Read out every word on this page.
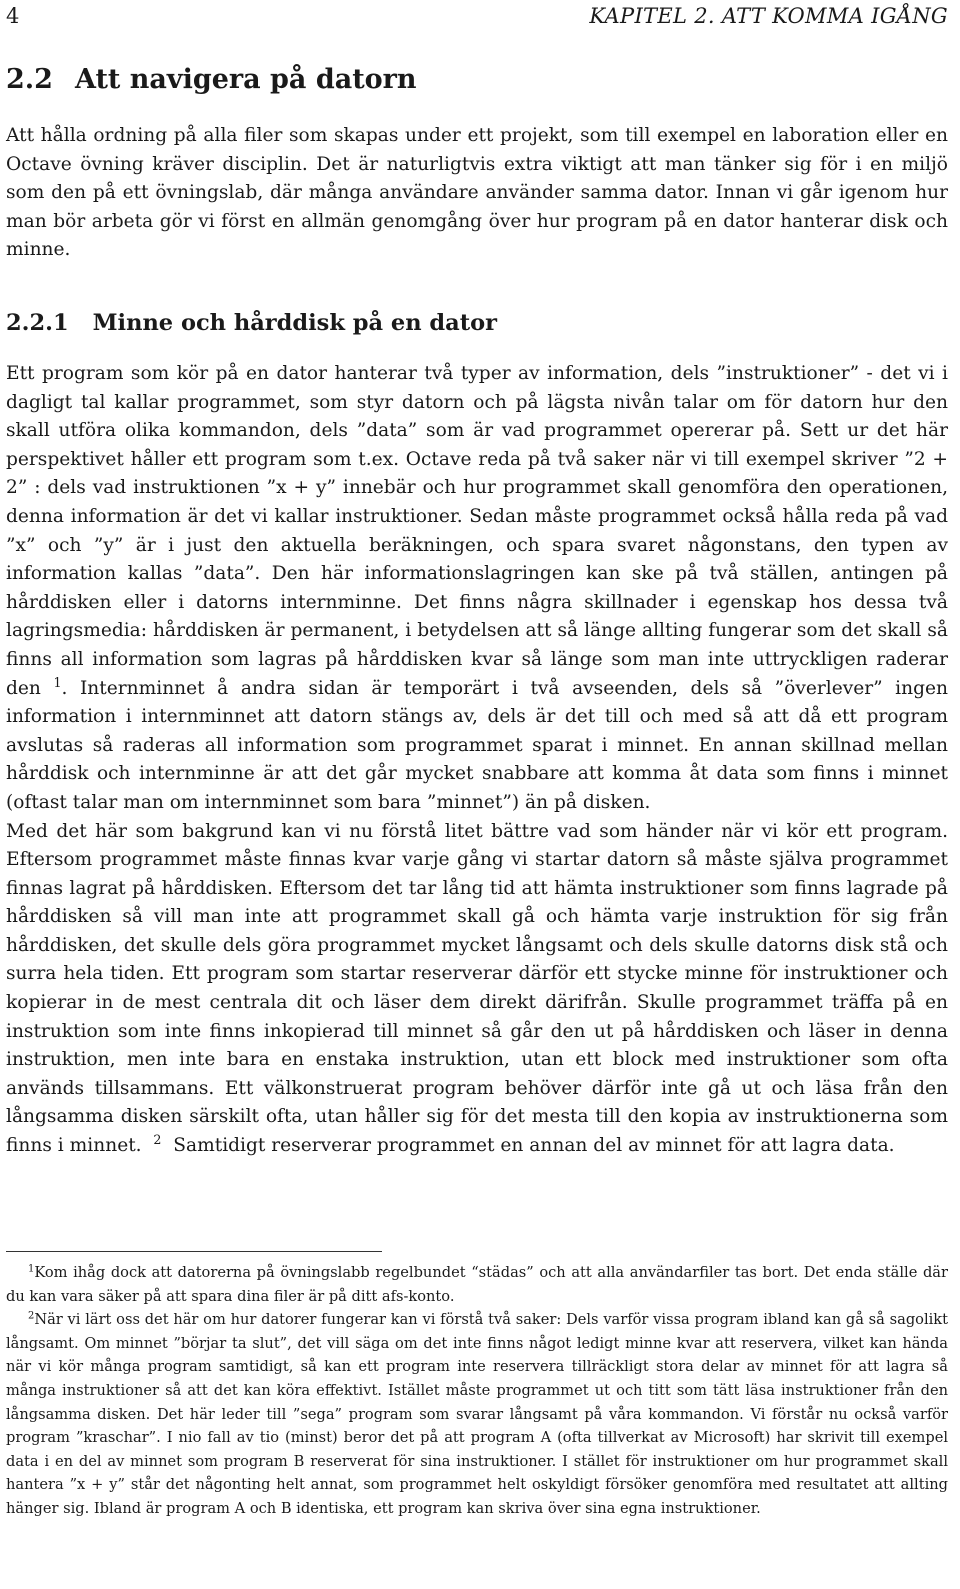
4	KAPITEL 2. ATT KOMMA IGÅNG
2.2 Att navigera på datorn

Att hålla ordning på alla filer som skapas under ett projekt, som till exempel en laboration eller en Octave övning kräver disciplin. Det är naturligtvis extra viktigt att man tänker sig för i en miljö som den på ett övningslab, där många användare använder samma dator. Innan vi går igenom hur man bör arbeta gör vi först en allmän genomgång över hur program på en dator hanterar disk och minne.

2.2.1 Minne och hårddisk på en dator

Ett program som kör på en dator hanterar två typer av information, dels ”instruktioner” - det vi i dagligt tal kallar programmet, som styr datorn och på lägsta nivån talar om för datorn hur den skall utföra olika kommandon, dels ”data” som är vad programmet opererar på. Sett ur det här perspektivet håller ett program som t.ex. Octave reda på två saker när vi till exempel skriver ”2 + 2” : dels vad instruktionen ”x + y” innebär och hur programmet skall genomföra den operationen, denna information är det vi kallar instruktioner. Sedan måste programmet också hålla reda på vad ”x” och ”y” är i just den aktuella beräkningen, och spara svaret någonstans, den typen av information kallas ”data”. Den här informationslagringen kan ske på två ställen, antingen på hårddisken eller i datorns internminne. Det finns några skillnader i egenskap hos dessa två lagringsmedia: hårddisken är permanent, i betydelsen att så länge allting fungerar som det skall så finns all information som lagras på hårddisken kvar så länge som man inte uttryckligen raderar den $^1$. Internminnet å andra sidan är temporärt i två avseenden, dels så ”överlever” ingen information i internminnet att datorn stängs av, dels är det till och med så att då ett program avslutas så raderas all information som programmet sparat i minnet. En annan skillnad mellan hårddisk och internminne är att det går mycket snabbare att komma åt data som finns i minnet (oftast talar man om internminnet som bara ”minnet”) än på disken.

Med det här som bakgrund kan vi nu förstå litet bättre vad som händer när vi kör ett program. Eftersom programmet måste finnas kvar varje gång vi startar datorn så måste själva programmet finnas lagrat på hårddisken. Eftersom det tar lång tid att hämta instruktioner som finns lagrade på hårddisken så vill man inte att programmet skall gå och hämta varje instruktion för sig från hårddisken, det skulle dels göra programmet mycket långsamt och dels skulle datorns disk stå och surra hela tiden. Ett program som startar reserverar därför ett stycke minne för instruktioner och kopierar in de mest centrala dit och läser dem direkt därifrån. Skulle programmet träffa på en instruktion som inte finns inkopierad till minnet så går den ut på hårddisken och läser in denna instruktion, men inte bara en enstaka instruktion, utan ett block med instruktioner som ofta används tillsammans. Ett välkonstruerat program behöver därför inte gå ut och läsa från den långsamma disken särskilt ofta, utan håller sig för det mesta till den kopia av instruktionerna som finns i minnet. $^2$ Samtidigt reserverar programmet en annan del av minnet för att lagra data.

$^1$Kom ihåg dock att datorerna på övningslabb regelbundet “städas” och att alla användarfiler tas bort. Det enda ställe där du kan vara säker på att spara dina filer är på ditt afs-konto.

$^2$När vi lärt oss det här om hur datorer fungerar kan vi förstå två saker: Dels varför vissa program ibland kan gå så sagolikt långsamt. Om minnet ”börjar ta slut”, det vill säga om det inte finns något ledigt minne kvar att reservera, vilket kan hända när vi kör många program samtidigt, så kan ett program inte reservera tillräckligt stora delar av minnet för att lagra så många instruktioner så att det kan köra effektivt. Istället måste programmet ut och titt som tätt läsa instruktioner från den långsamma disken. Det här leder till ”sega” program som svarar långsamt på våra kommandon. Vi förstår nu också varför program ”kraschar”. I nio fall av tio (minst) beror det på att program A (ofta tillverkat av Microsoft) har skrivit till exempel data i en del av minnet som program B reserverat för sina instruktioner. I stället för instruktioner om hur programmet skall hantera ”x + y” står det någonting helt annat, som programmet helt oskyldigt försöker genomföra med resultatet att allting hänger sig. Ibland är program A och B identiska, ett program kan skriva över sina egna instruktioner.
